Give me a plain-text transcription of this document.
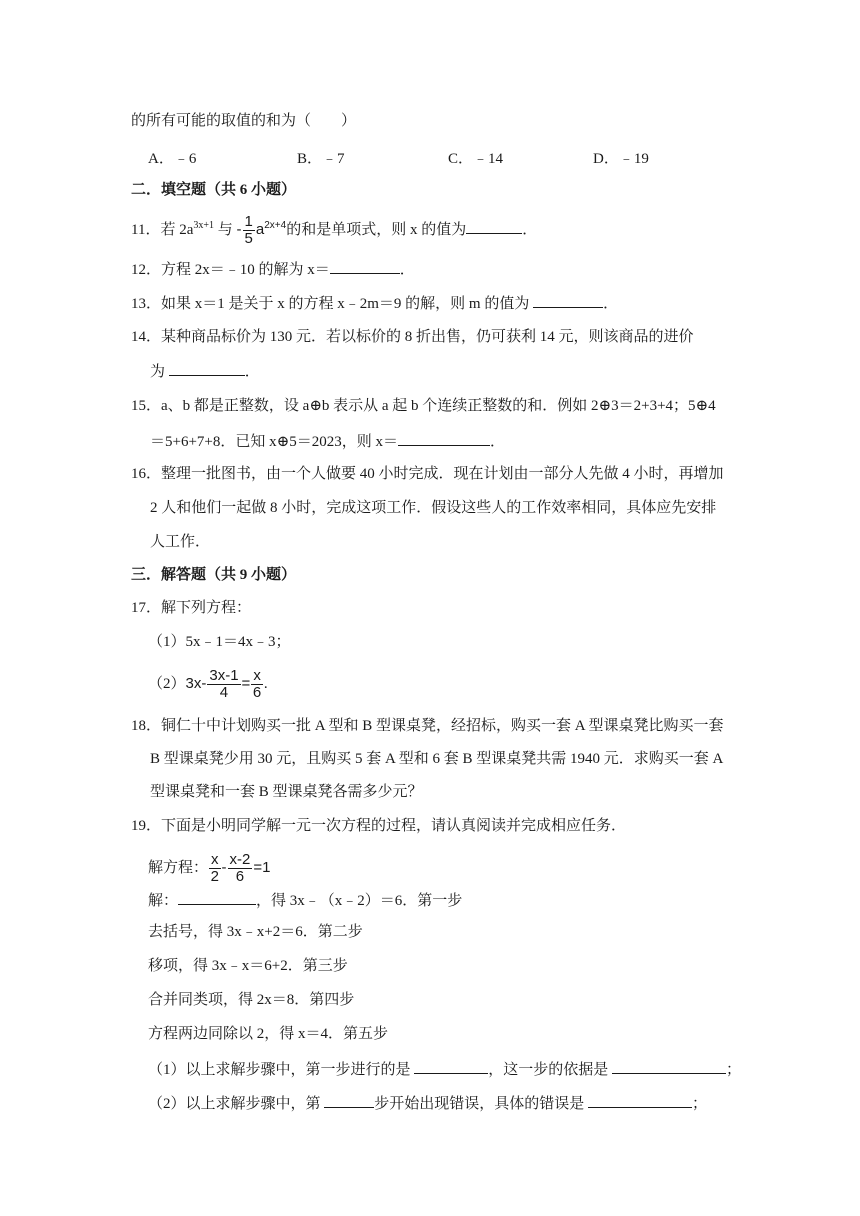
的所有可能的取值的和为（　　）
A．﹣6	B．﹣7	C．﹣14	D．﹣19
二．填空题（共 6 小题）
11．若 $2a^{3x+1}$ 与 - $\frac{1}{5} a^{2x+4}$的和是单项式，则 x 的值为	．
12．方程 2x＝﹣10 的解为 x＝	．
13．如果 x＝1 是关于 x 的方程 x﹣2m＝9 的解，则 m 的值为	．
14．某种商品标价为 130 元．若以标价的 8 折出售，仍可获利 14 元，则该商品的进价
为	．
15．a、b 都是正整数，设 a⊕b 表示从 a 起 b 个连续正整数的和．例如 2⊕3＝2+3+4；5⊕4
＝5+6+7+8．已知 x⊕5＝2023，则 x＝	．
16．整理一批图书，由一个人做要 40 小时完成．现在计划由一部分人先做 4 小时，再增加
2 人和他们一起做 8 小时，完成这项工作．假设这些人的工作效率相同，具体应先安排
人工作．
三．解答题（共 9 小题）
17．解下列方程：
（1）5x﹣1＝4x﹣3；
$(2)3x- \frac{3x-1}{4} = \frac{x}{6}$ .
18．铜仁十中计划购买一批 A 型和 B 型课桌凳，经招标，购买一套 A 型课桌凳比购买一套
B 型课桌凳少用 30 元，且购买 5 套 A 型和 6 套 B 型课桌凳共需 1940 元．求购买一套 A
型课桌凳和一套 B 型课桌凳各需多少元？
19．下面是小明同学解一元一次方程的过程，请认真阅读并完成相应任务．
解方程： $\frac{x}{2} - \frac{x-2}{6} =1$
解：	，得 3x﹣（x﹣2）＝6．第一步
去括号，得 3x﹣x+2＝6．第二步
移项，得 3x﹣x＝6+2．第三步
合并同类项，得 2x＝8．第四步
方程两边同除以 2，得 x＝4．第五步
（1）以上求解步骤中，第一步进行的是	，这一步的依据是	；
（2）以上求解步骤中，第	步开始出现错误，具体的错误是	；
